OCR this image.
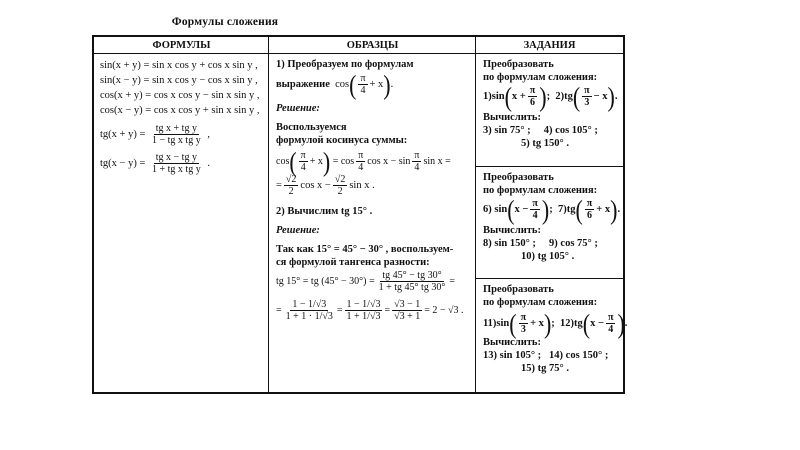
Формулы сложения
ФОРМУЛЫ	ОБРАЗЦЫ	ЗАДАНИЯ
sin(x + y) = sin x cos y + cos x sin y ,
sin(x − y) = sin x cos y − cos x sin y ,
cos(x + y) = cos x cos y − sin x sin y ,
cos(x − y) = cos x cos y + sin x sin y ,
$tg(x + y) = \frac{\text{tg x + tg y}}{\text{1 − tg x tg y}}$ ,
$tg(x - y) = \frac{\text{tg x − tg y}}{\text{1 + tg x tg y}}$ .
1) Преобразуем по формулам
выражение $\cos( \frac{\pi}{4} + x)$.
Решение:
Воспользуемся
формулой косинуса суммы:
$\cos( \frac{\pi}{4} + x) = \cos \frac{\pi}{4}$ $\cos x - \sin \frac{\pi}{4}$ sin x =
= $\frac{√2}{2}$ $\cos x - \frac{√2}{2}$ sin x .
2) Вычислим tg 15° .
Решение:
Так как 15° = 45° − 30° , воспользуем-
ся формулой тангенса разности:
tg 15° = tg $(45^\circ - 30^\circ) = \frac{tg 45^\circ - tg 30^\circ}{1 + tg 45^\circ tg 30^\circ}$ =
= $\frac{1 - 1/√3}{1 + 1 \cdot 1/√3} = \frac{1 - 1/√3}{1 + 1/√3} = \frac{√3 - 1}{√3 + 1} = 2 - √3$ .
Преобразовать
по формулам сложения:
$1)\sin(x + \frac{\pi}{6}$ ); $2)tg( \frac{\pi}{3} - x)$.
Вычислить:
3) sin 75° ; 4) cos 105° ;
5) tg 150° .
Преобразовать
по формулам сложения:
6) $\sin(x - \frac{\pi}{4}$ ); $7)tg( \frac{\pi}{6} + x)$.
Вычислить:
8) sin 150° ; 9) cos 75° ;
10) tg 105° .
Преобразовать
по формулам сложения:
$11)\sin( \frac{\pi}{3} + x)$; $12)tg(x - \frac{\pi}{4}$ ).
Вычислить:
13) sin 105° ; 14) cos 150° ;
15) tg 75° .
